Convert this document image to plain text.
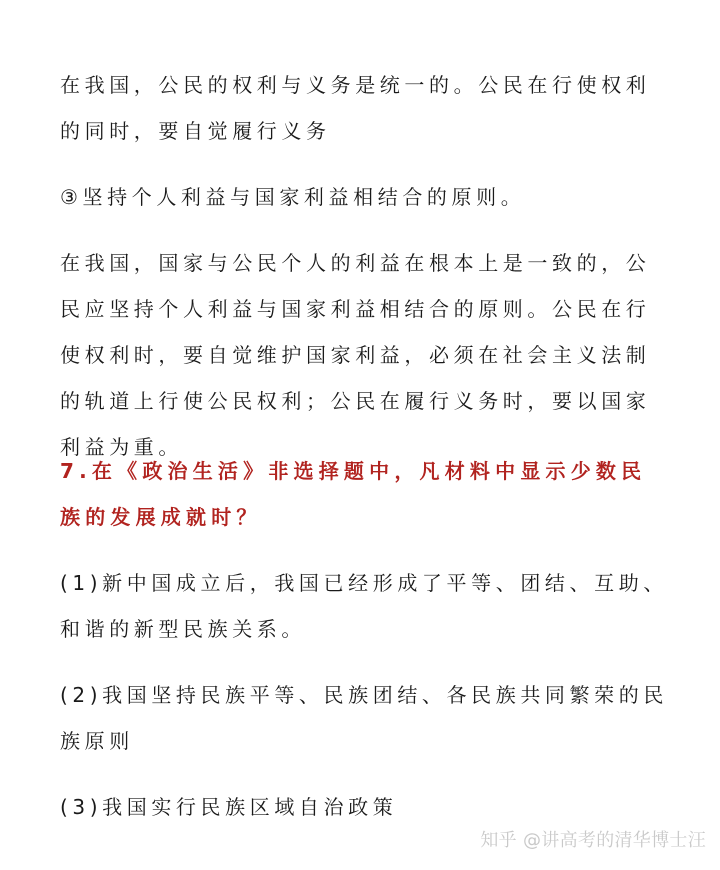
在我国，公民的权利与义务是统一的。公民在行使权利的同时，要自觉履行义务

③坚持个人利益与国家利益相结合的原则。

在我国，国家与公民个人的利益在根本上是一致的，公民应坚持个人利益与国家利益相结合的原则。公民在行使权利时，要自觉维护国家利益，必须在社会主义法制的轨道上行使公民权利；公民在履行义务时，要以国家利益为重。

7.在《政治生活》非选择题中，凡材料中显示少数民族的发展成就时？

(1)新中国成立后，我国已经形成了平等、团结、互助、和谐的新型民族关系。

(2)我国坚持民族平等、民族团结、各民族共同繁荣的民族原则

(3)我国实行民族区域自治政策

知乎 @讲高考的清华博士汪
